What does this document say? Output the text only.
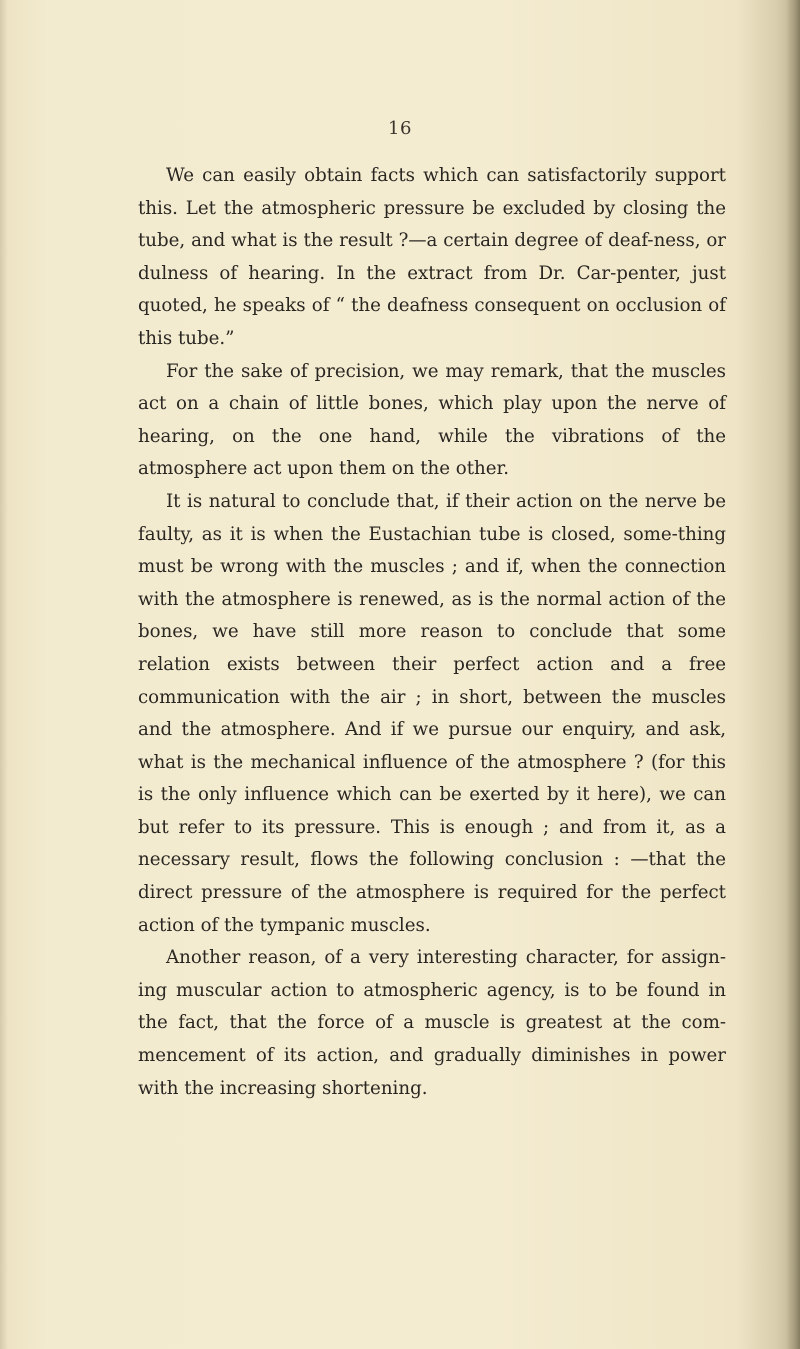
16

We can easily obtain facts which can satisfactorily support this. Let the atmospheric pressure be excluded by closing the tube, and what is the result ?—a certain degree of deaf-ness, or dulness of hearing. In the extract from Dr. Car-penter, just quoted, he speaks of “ the deafness consequent on occlusion of this tube.”

For the sake of precision, we may remark, that the muscles act on a chain of little bones, which play upon the nerve of hearing, on the one hand, while the vibrations of the atmosphere act upon them on the other.

It is natural to conclude that, if their action on the nerve be faulty, as it is when the Eustachian tube is closed, some-thing must be wrong with the muscles ; and if, when the connection with the atmosphere is renewed, as is the normal action of the bones, we have still more reason to conclude that some relation exists between their perfect action and a free communication with the air ; in short, between the muscles and the atmosphere. And if we pursue our enquiry, and ask, what is the mechanical influence of the atmosphere ? (for this is the only influence which can be exerted by it here), we can but refer to its pressure. This is enough ; and from it, as a necessary result, flows the following conclusion : —that the direct pressure of the atmosphere is required for the perfect action of the tympanic muscles.

Another reason, of a very interesting character, for assign-ing muscular action to atmospheric agency, is to be found in the fact, that the force of a muscle is greatest at the com-mencement of its action, and gradually diminishes in power with the increasing shortening.
